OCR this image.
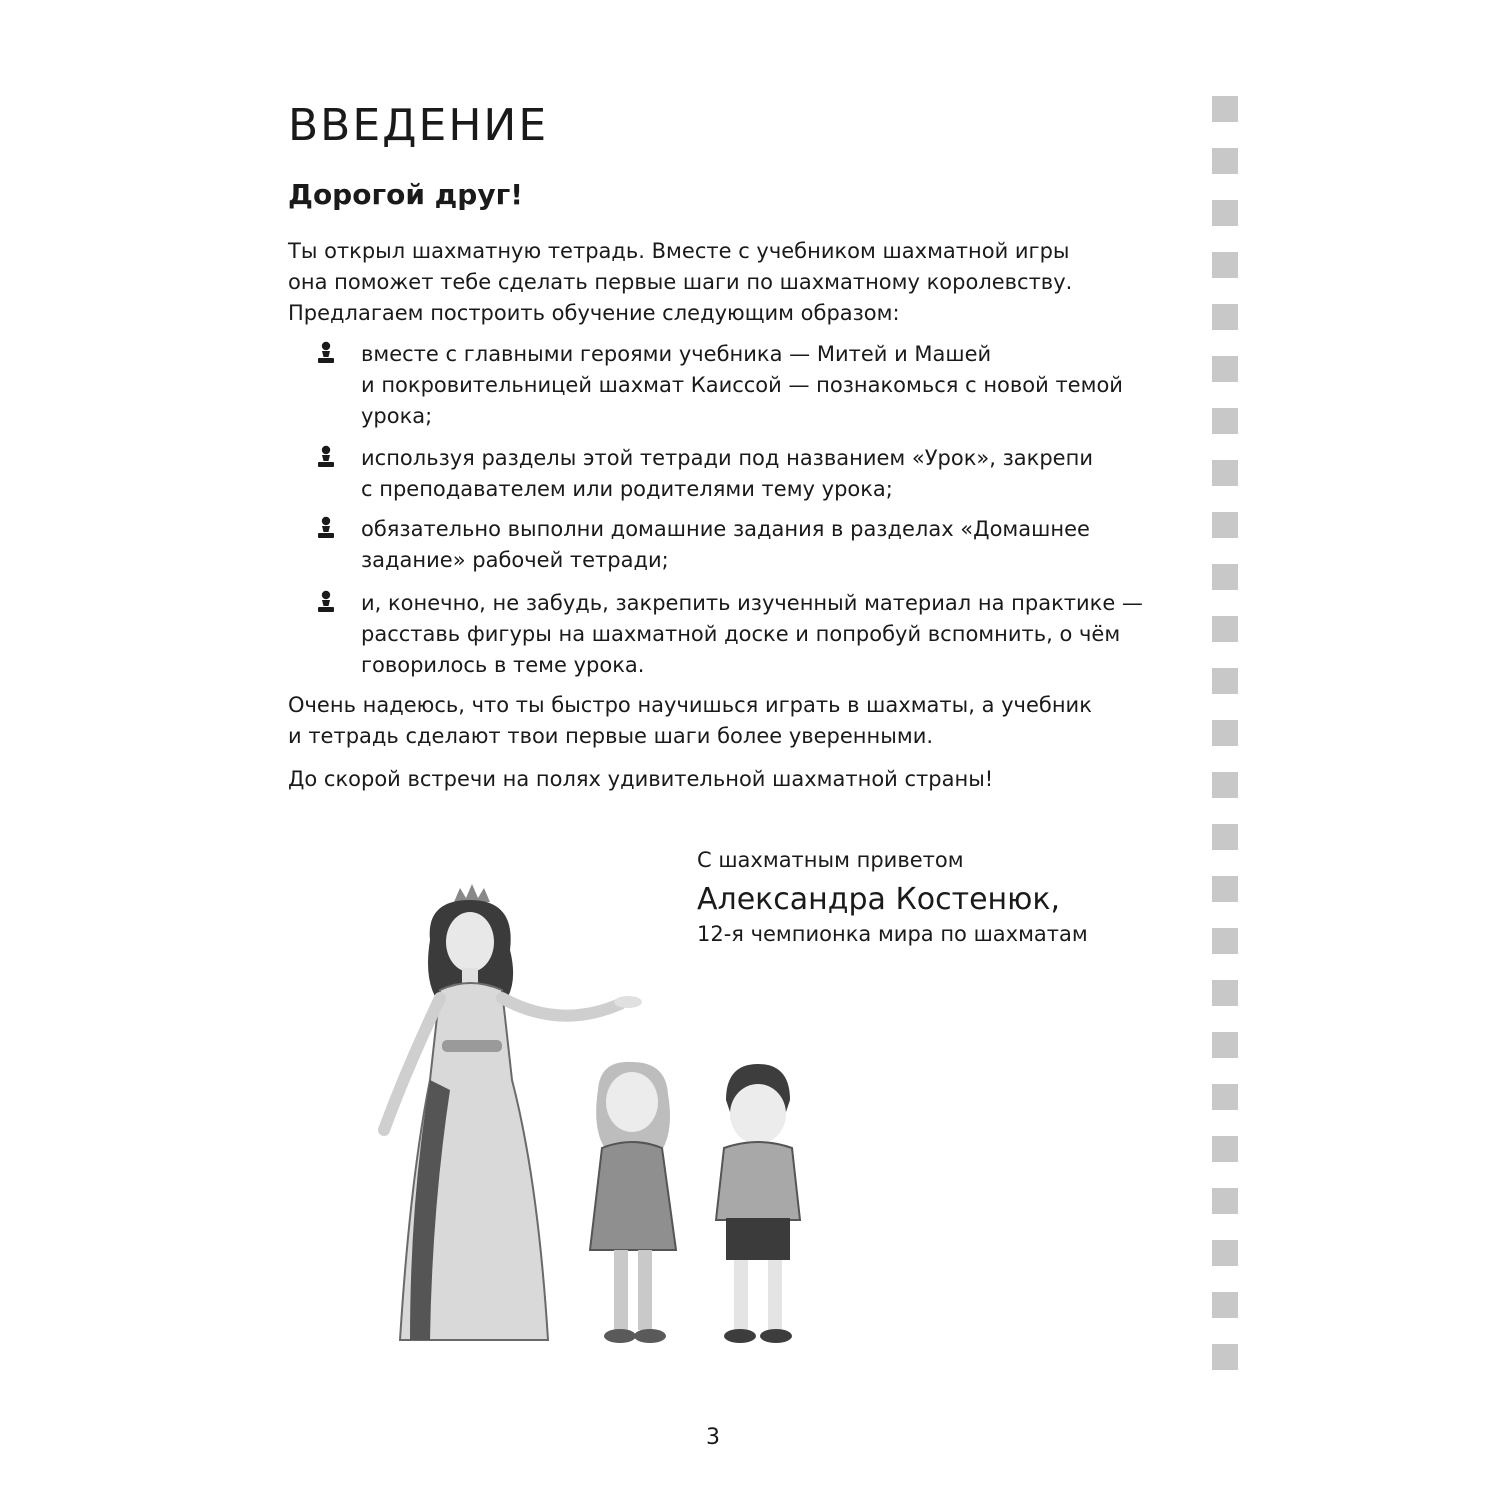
ВВЕДЕНИЕ
Дорогой друг!
Ты открыл шахматную тетрадь. Вместе с учебником шахматной игры
она поможет тебе сделать первые шаги по шахматному королевству.
Предлагаем построить обучение следующим образом:
вместе с главными героями учебника — Митей и Машей
и покровительницей шахмат Каиссой — познакомься с новой темой
урока;
используя разделы этой тетради под названием «Урок», закрепи
с преподавателем или родителями тему урока;
обязательно выполни домашние задания в разделах «Домашнее
задание» рабочей тетради;
и, конечно, не забудь, закрепить изученный материал на практике —
расставь фигуры на шахматной доске и попробуй вспомнить, о чём
говорилось в теме урока.
Очень надеюсь, что ты быстро научишься играть в шахматы, а учебник
и тетрадь сделают твои первые шаги более уверенными.
До скорой встречи на полях удивительной шахматной страны!
С шахматным приветом
Александра Костенюк,
12-я чемпионка мира по шахматам
3
